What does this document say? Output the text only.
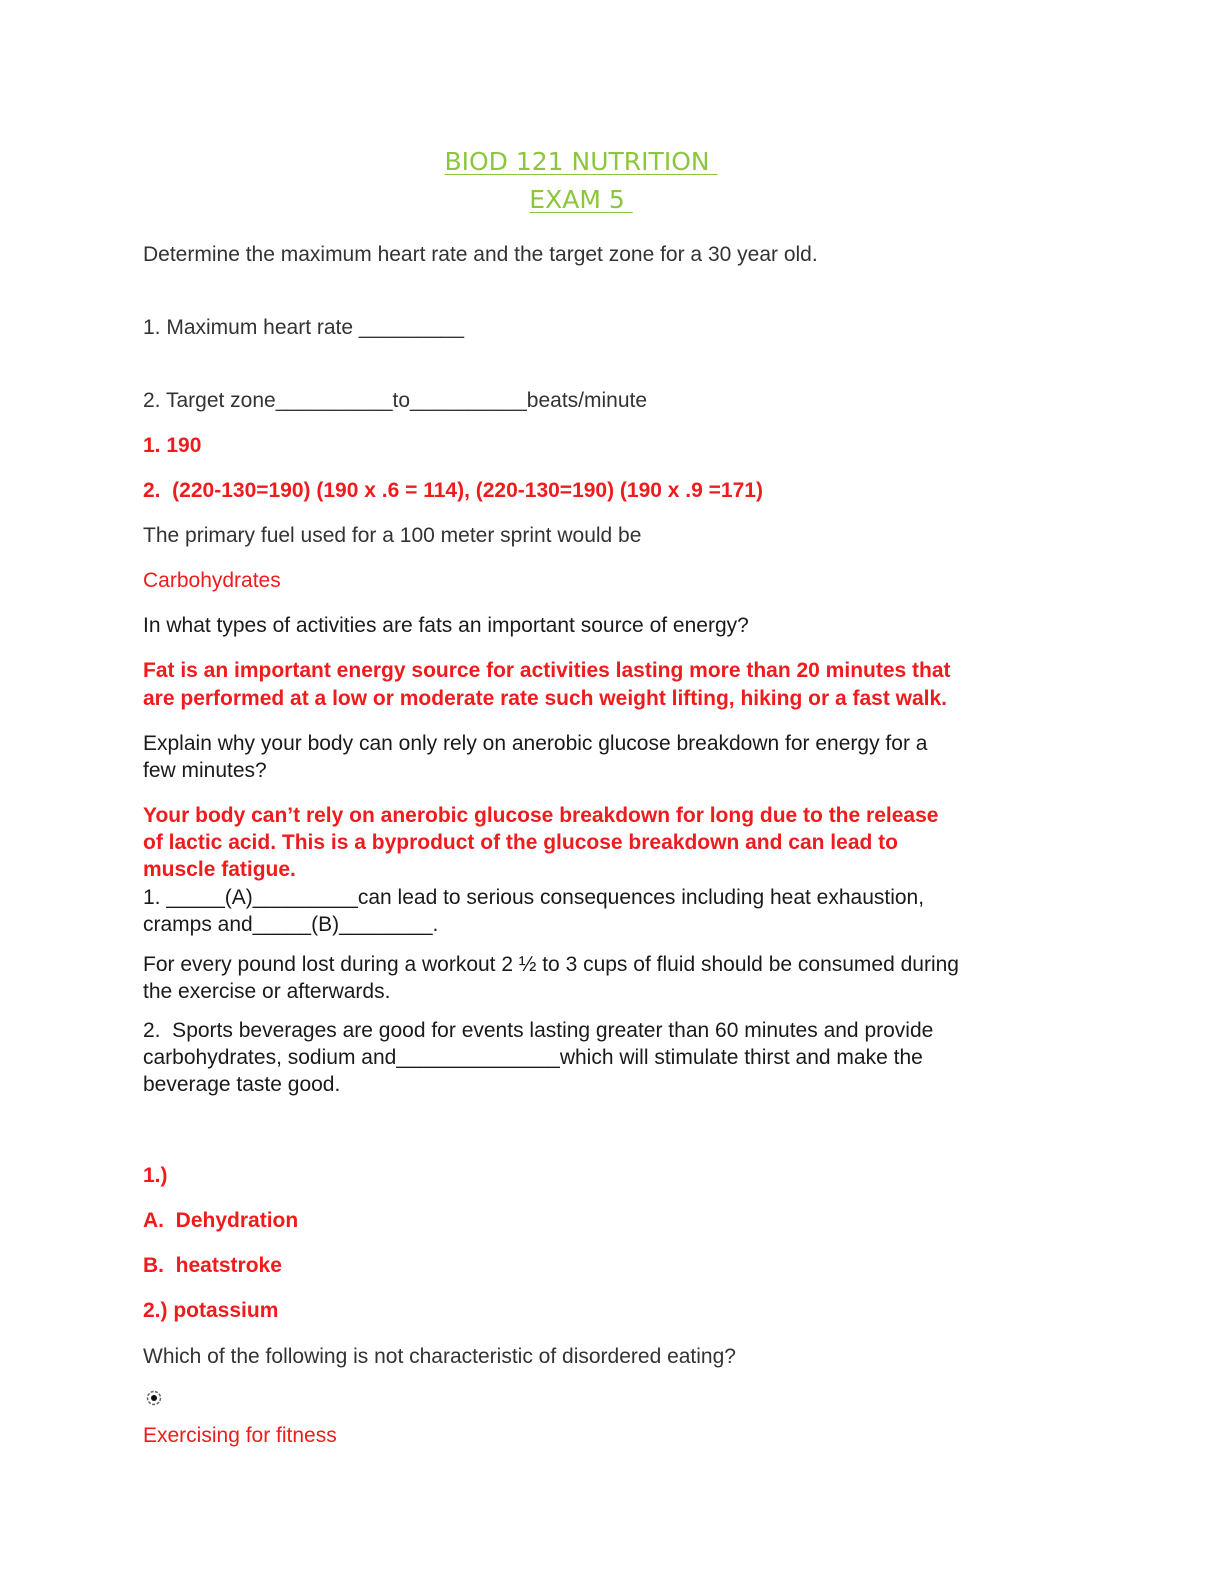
BIOD 121 NUTRITION
EXAM 5
Determine the maximum heart rate and the target zone for a 30 year old.
1. Maximum heart rate _________
2. Target zone__________to__________beats/minute
1. 190
2.  (220-130=190) (190 x .6 = 114), (220-130=190) (190 x .9 =171)
The primary fuel used for a 100 meter sprint would be
Carbohydrates
In what types of activities are fats an important source of energy?
Fat is an important energy source for activities lasting more than 20 minutes that
are performed at a low or moderate rate such weight lifting, hiking or a fast walk.
Explain why your body can only rely on anerobic glucose breakdown for energy for a
few minutes?
Your body can’t rely on anerobic glucose breakdown for long due to the release
of lactic acid. This is a byproduct of the glucose breakdown and can lead to
muscle fatigue.
1. _____(A)_________can lead to serious consequences including heat exhaustion,
cramps and_____(B)________.
For every pound lost during a workout 2 ½ to 3 cups of fluid should be consumed during
the exercise or afterwards.
2.  Sports beverages are good for events lasting greater than 60 minutes and provide
carbohydrates, sodium and______________which will stimulate thirst and make the
beverage taste good.
1.)
A.  Dehydration
B.  heatstroke
2.) potassium
Which of the following is not characteristic of disordered eating?
Exercising for fitness
